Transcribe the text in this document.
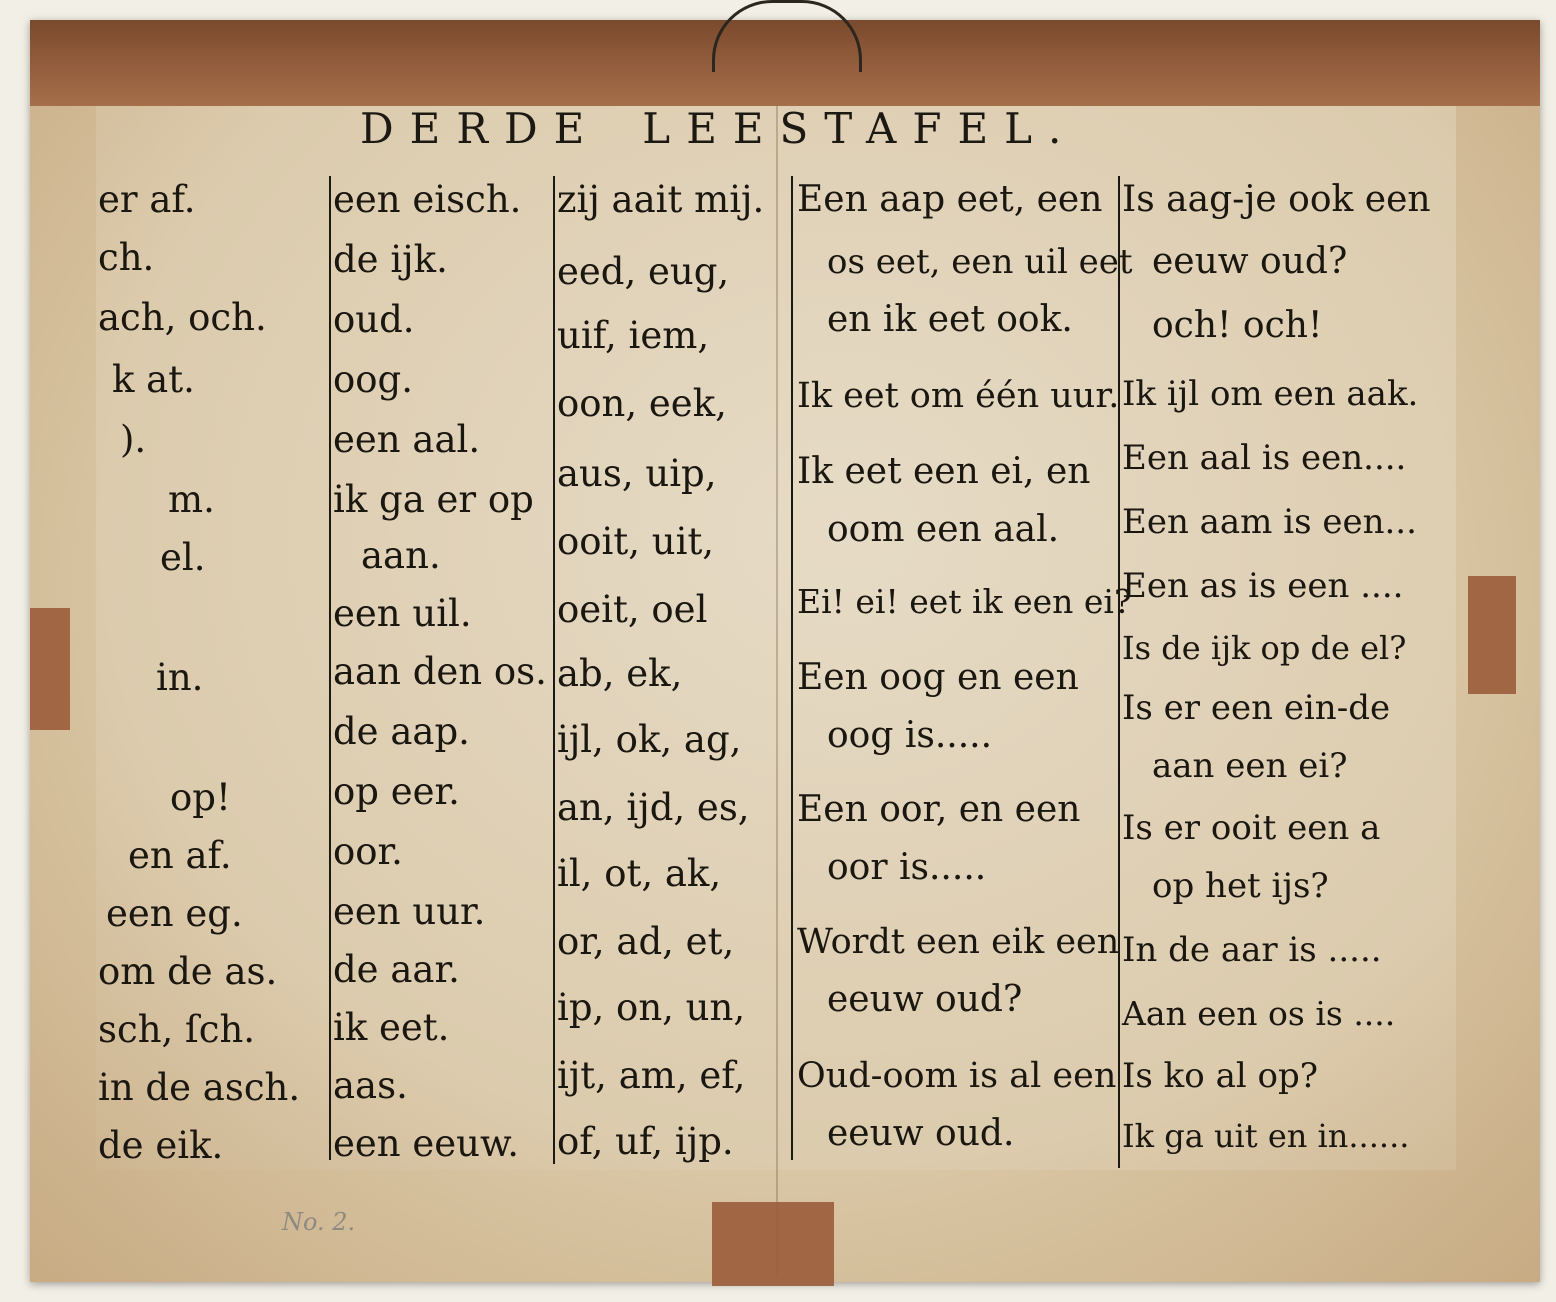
DERDE LEESTAFEL.
er af.
ch.
ach, och.
k at.
).
m.
el.
in.
op!
en af.
een eg.
om de as.
sch, ſch.
in de asch.
de eik.
een eisch.
de ijk.
oud.
oog.
een aal.
ik ga er op
aan.
een uil.
aan den os.
de aap.
op eer.
oor.
een uur.
de aar.
ik eet.
aas.
een eeuw.
zij aait mij.
eed, eug,
uif, iem,
oon, eek,
aus, uip,
ooit, uit,
oeit, oel
ab, ek,
ijl, ok, ag,
an, ijd, es,
il, ot, ak,
or, ad, et,
ip, on, un,
ijt, am, ef,
of, uf, ijp.
Een aap eet, een
os eet, een uil eet
en ik eet ook.
Ik eet om één uur.
Ik eet een ei, en
oom een aal.
Ei! ei! eet ik een ei?
Een oog en een
oog is.....
Een oor, en een
oor is.....
Wordt een eik een
eeuw oud?
Oud-oom is al een
eeuw oud.
Is aag-je ook een
eeuw oud?
och! och!
Ik ijl om een aak.
Een aal is een....
Een aam is een...
Een as is een ....
Is de ijk op de el?
Is er een ein-de
aan een ei?
Is er ooit een a
op het ijs?
In de aar is .....
Aan een os is ....
Is ko al op?
Ik ga uit en in......
No. 2.
